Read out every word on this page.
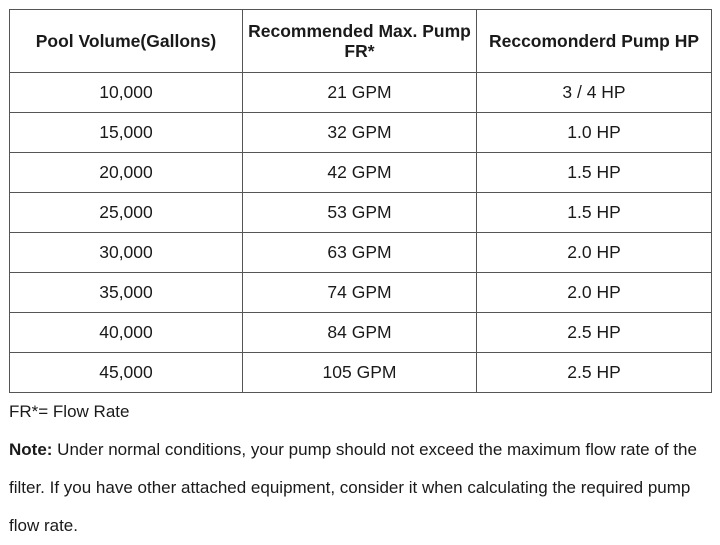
Pool Volume(Gallons)	Recommended Max. Pump FR*	Reccomonderd Pump HP
10,000	21 GPM	3 / 4 HP
15,000	32 GPM	1.0 HP
20,000	42 GPM	1.5 HP
25,000	53 GPM	1.5 HP
30,000	63 GPM	2.0 HP
35,000	74 GPM	2.0 HP
40,000	84 GPM	2.5 HP
45,000	105 GPM	2.5 HP

FR*= Flow Rate

Note: Under normal conditions, your pump should not exceed the maximum flow rate of the filter. If you have other attached equipment, consider it when calculating the required pump flow rate.
